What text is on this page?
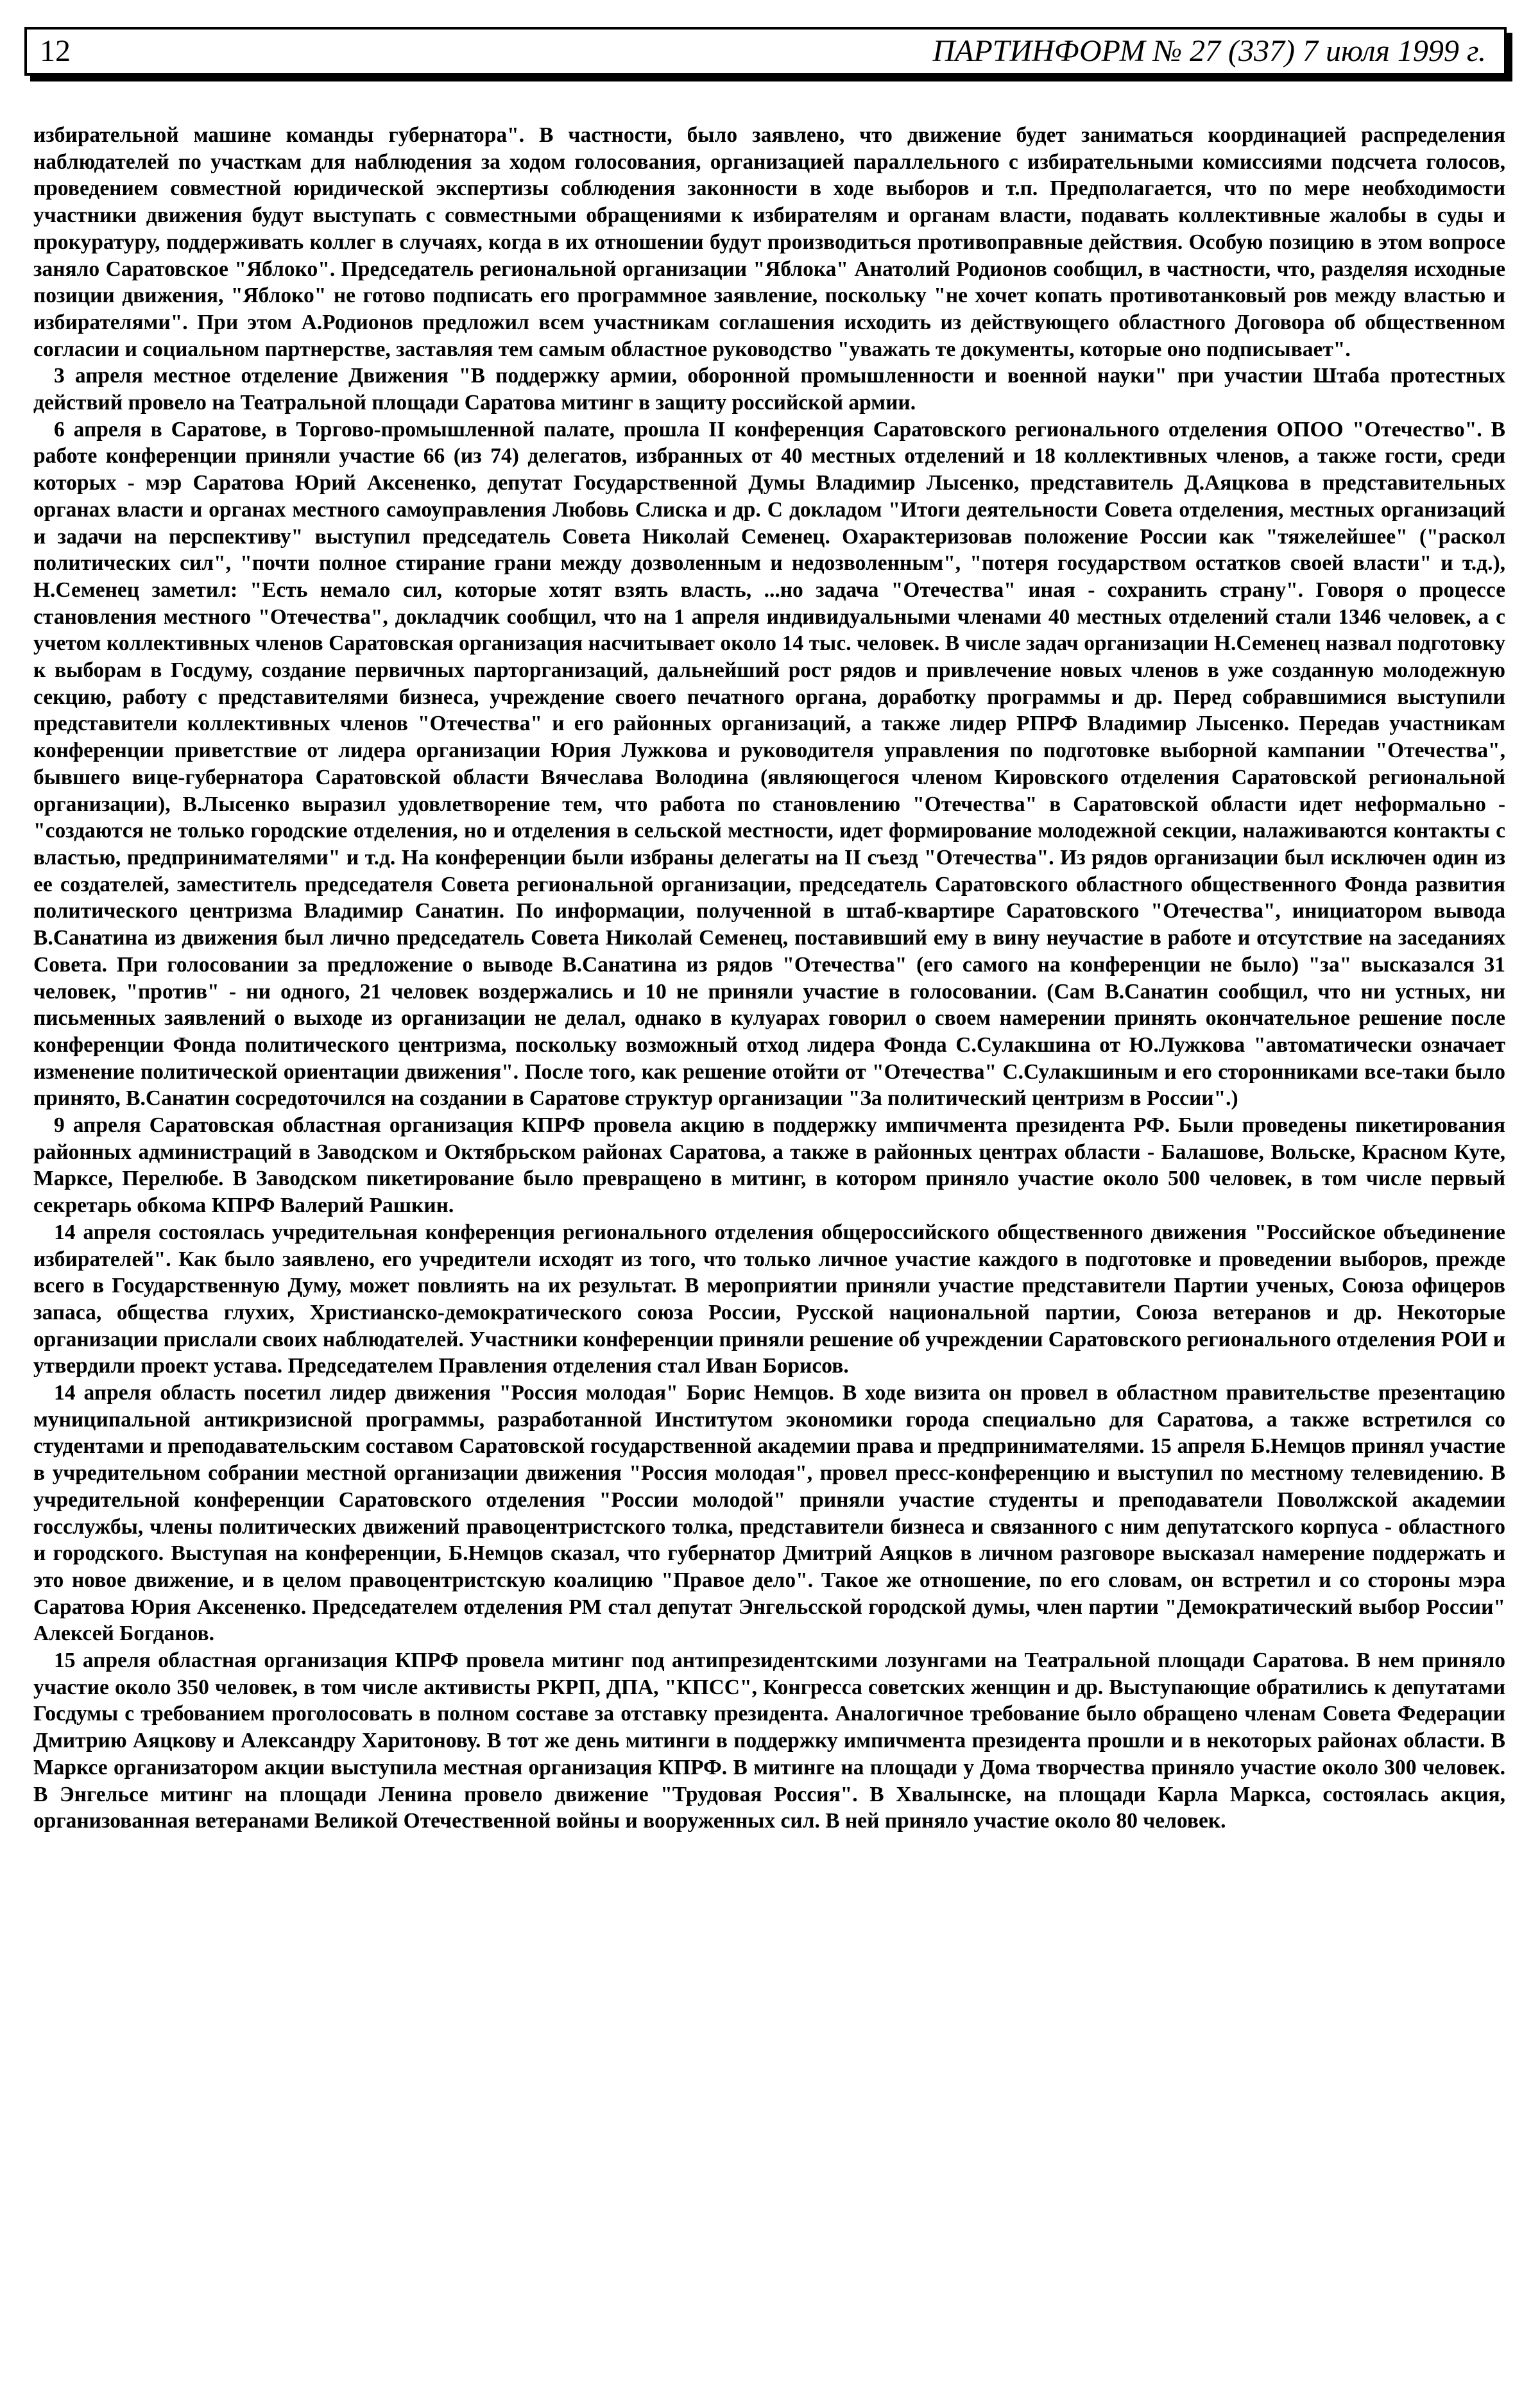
12	ПАРТИНФОРМ № 27 (337) 7 июля 1999 г.

избирательной машине команды губернатора". В частности, было заявлено, что движение будет заниматься координацией распределения наблюдателей по участкам для наблюдения за ходом голосования, организацией параллельного с избирательными комиссиями подсчета голосов, проведением совместной юридической экспертизы соблюдения законности в ходе выборов и т.п. Предполагается, что по мере необходимости участники движения будут выступать с совместными обращениями к избирателям и органам власти, подавать коллективные жалобы в суды и прокуратуру, поддерживать коллег в случаях, когда в их отношении будут производиться противоправные действия. Особую позицию в этом вопросе заняло Саратовское "Яблоко". Председатель региональной организации "Яблока" Анатолий Родионов сообщил, в частности, что, разделяя исходные позиции движения, "Яблоко" не готово подписать его программное заявление, поскольку "не хочет копать противотанковый ров между властью и избирателями". При этом А.Родионов предложил всем участникам соглашения исходить из действующего областного Договора об общественном согласии и социальном партнерстве, заставляя тем самым областное руководство "уважать те документы, которые оно подписывает".

3 апреля местное отделение Движения "В поддержку армии, оборонной промышленности и военной науки" при участии Штаба протестных действий провело на Театральной площади Саратова митинг в защиту российской армии.

6 апреля в Саратове, в Торгово-промышленной палате, прошла II конференция Саратовского регионального отделения ОПОО "Отечество". В работе конференции приняли участие 66 (из 74) делегатов, избранных от 40 местных отделений и 18 коллективных членов, а также гости, среди которых - мэр Саратова Юрий Аксененко, депутат Государственной Думы Владимир Лысенко, представитель Д.Аяцкова в представительных органах власти и органах местного самоуправления Любовь Слиска и др. С докладом "Итоги деятельности Совета отделения, местных организаций и задачи на перспективу" выступил председатель Совета Николай Семенец. Охарактеризовав положение России как "тяжелейшее" ("раскол политических сил", "почти полное стирание грани между дозволенным и недозволенным", "потеря государством остатков своей власти" и т.д.), Н.Семенец заметил: "Есть немало сил, которые хотят взять власть, ...но задача "Отечества" иная - сохранить страну". Говоря о процессе становления местного "Отечества", докладчик сообщил, что на 1 апреля индивидуальными членами 40 местных отделений стали 1346 человек, а с учетом коллективных членов Саратовская организация насчитывает около 14 тыс. человек. В числе задач организации Н.Семенец назвал подготовку к выборам в Госдуму, создание первичных парторганизаций, дальнейший рост рядов и привлечение новых членов в уже созданную молодежную секцию, работу с представителями бизнеса, учреждение своего печатного органа, доработку программы и др. Перед собравшимися выступили представители коллективных членов "Отечества" и его районных организаций, а также лидер РПРФ Владимир Лысенко. Передав участникам конференции приветствие от лидера организации Юрия Лужкова и руководителя управления по подготовке выборной кампании "Отечества", бывшего вице-губернатора Саратовской области Вячеслава Володина (являющегося членом Кировского отделения Саратовской региональной организации), В.Лысенко выразил удовлетворение тем, что работа по становлению "Отечества" в Саратовской области идет неформально - "создаются не только городские отделения, но и отделения в сельской местности, идет формирование молодежной секции, налаживаются контакты с властью, предпринимателями" и т.д. На конференции были избраны делегаты на II съезд "Отечества". Из рядов организации был исключен один из ее создателей, заместитель председателя Совета региональной организации, председатель Саратовского областного общественного Фонда развития политического центризма Владимир Санатин. По информации, полученной в штаб-квартире Саратовского "Отечества", инициатором вывода В.Санатина из движения был лично председатель Совета Николай Семенец, поставивший ему в вину неучастие в работе и отсутствие на заседаниях Совета. При голосовании за предложение о выводе В.Санатина из рядов "Отечества" (его самого на конференции не было) "за" высказался 31 человек, "против" - ни одного, 21 человек воздержались и 10 не приняли участие в голосовании. (Сам В.Санатин сообщил, что ни устных, ни письменных заявлений о выходе из организации не делал, однако в кулуарах говорил о своем намерении принять окончательное решение после конференции Фонда политического центризма, поскольку возможный отход лидера Фонда С.Сулакшина от Ю.Лужкова "автоматически означает изменение политической ориентации движения". После того, как решение отойти от "Отечества" С.Сулакшиным и его сторонниками все-таки было принято, В.Санатин сосредоточился на создании в Саратове структур организации "За политический центризм в России".)

9 апреля Саратовская областная организация КПРФ провела акцию в поддержку импичмента президента РФ. Были проведены пикетирования районных администраций в Заводском и Октябрьском районах Саратова, а также в районных центрах области - Балашове, Вольске, Красном Куте, Марксе, Перелюбе. В Заводском пикетирование было превращено в митинг, в котором приняло участие около 500 человек, в том числе первый секретарь обкома КПРФ Валерий Рашкин.

14 апреля состоялась учредительная конференция регионального отделения общероссийского общественного движения "Российское объединение избирателей". Как было заявлено, его учредители исходят из того, что только личное участие каждого в подготовке и проведении выборов, прежде всего в Государственную Думу, может повлиять на их результат. В мероприятии приняли участие представители Партии ученых, Союза офицеров запаса, общества глухих, Христианско-демократического союза России, Русской национальной партии, Союза ветеранов и др. Некоторые организации прислали своих наблюдателей. Участники конференции приняли решение об учреждении Саратовского регионального отделения РОИ и утвердили проект устава. Председателем Правления отделения стал Иван Борисов.

14 апреля область посетил лидер движения "Россия молодая" Борис Немцов. В ходе визита он провел в областном правительстве презентацию муниципальной антикризисной программы, разработанной Институтом экономики города специально для Саратова, а также встретился со студентами и преподавательским составом Саратовской государственной академии права и предпринимателями. 15 апреля Б.Немцов принял участие в учредительном собрании местной организации движения "Россия молодая", провел пресс-конференцию и выступил по местному телевидению. В учредительной конференции Саратовского отделения "России молодой" приняли участие студенты и преподаватели Поволжской академии госслужбы, члены политических движений правоцентристского толка, представители бизнеса и связанного с ним депутатского корпуса - областного и городского. Выступая на конференции, Б.Немцов сказал, что губернатор Дмитрий Аяцков в личном разговоре высказал намерение поддержать и это новое движение, и в целом правоцентристскую коалицию "Правое дело". Такое же отношение, по его словам, он встретил и со стороны мэра Саратова Юрия Аксененко. Председателем отделения РМ стал депутат Энгельсской городской думы, член партии "Демократический выбор России" Алексей Богданов.

15 апреля областная организация КПРФ провела митинг под антипрезидентскими лозунгами на Театральной площади Саратова. В нем приняло участие около 350 человек, в том числе активисты РКРП, ДПА, "КПСС", Конгресса советских женщин и др. Выступающие обратились к депутатами Госдумы с требованием проголосовать в полном составе за отставку президента. Аналогичное требование было обращено членам Совета Федерации Дмитрию Аяцкову и Александру Харитонову. В тот же день митинги в поддержку импичмента президента прошли и в некоторых районах области. В Марксе организатором акции выступила местная организация КПРФ. В митинге на площади у Дома творчества приняло участие около 300 человек. В Энгельсе митинг на площади Ленина провело движение "Трудовая Россия". В Хвалынске, на площади Карла Маркса, состоялась акция, организованная ветеранами Великой Отечественной войны и вооруженных сил. В ней приняло участие около 80 человек.
